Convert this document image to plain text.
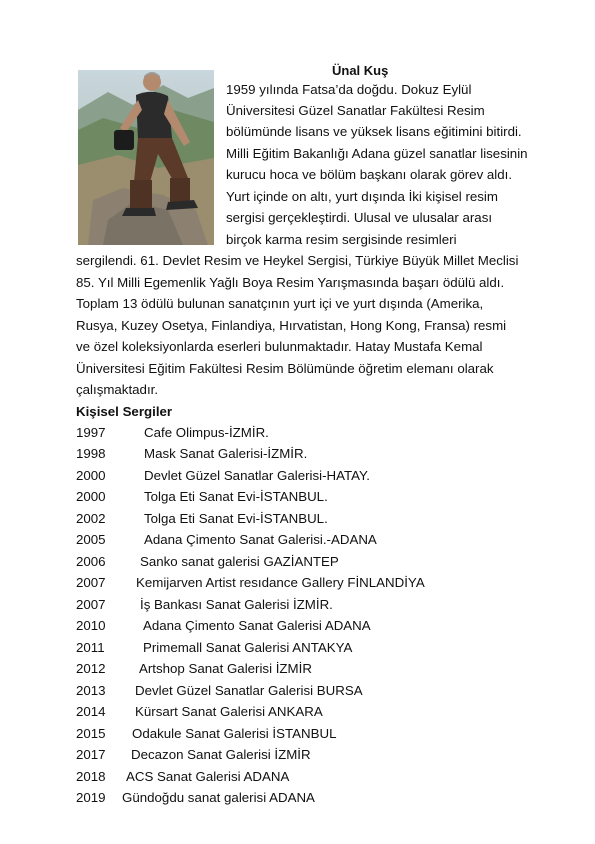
Ünal Kuş
1959 yılında Fatsa’da doğdu. Dokuz Eylül
Üniversitesi Güzel Sanatlar Fakültesi Resim
bölümünde lisans ve yüksek lisans eğitimini bitirdi.
Milli Eğitim Bakanlığı Adana güzel sanatlar lisesinin
kurucu hoca ve bölüm başkanı olarak görev aldı.
Yurt içinde on altı, yurt dışında İki kişisel resim
sergisi gerçekleştirdi. Ulusal ve ulusalar arası
birçok karma resim sergisinde resimleri
sergilendi. 61. Devlet Resim ve Heykel Sergisi, Türkiye Büyük Millet Meclisi
85. Yıl Milli Egemenlik Yağlı Boya Resim Yarışmasında başarı ödülü aldı.
Toplam 13 ödülü bulunan sanatçının yurt içi ve yurt dışında (Amerika,
Rusya, Kuzey Osetya, Finlandiya, Hırvatistan, Hong Kong, Fransa) resmi
ve özel koleksiyonlarda eserleri bulunmaktadır. Hatay Mustafa Kemal
Üniversitesi Eğitim Fakültesi Resim Bölümünde öğretim elemanı olarak
çalışmaktadır.
Kişisel Sergiler
1997	Cafe Olimpus-İZMİR.
1998	Mask Sanat Galerisi-İZMİR.
2000	Devlet Güzel Sanatlar Galerisi-HATAY.
2000	Tolga Eti Sanat Evi-İSTANBUL.
2002	Tolga Eti Sanat Evi-İSTANBUL.
2005	Adana Çimento Sanat Galerisi.-ADANA
2006	Sanko sanat galerisi GAZİANTEP
2007 Kemijarven Artist resıdance Gallery FİNLANDİYA
2007	İş Bankası Sanat Galerisi İZMİR.
2010	Adana Çimento Sanat Galerisi ADANA
2011	Primemall Sanat Galerisi ANTAKYA
2012	Artshop Sanat Galerisi İZMİR
2013 Devlet Güzel Sanatlar Galerisi BURSA
2014 Kürsart Sanat Galerisi ANKARA
2015 Odakule Sanat Galerisi İSTANBUL
2017 Decazon Sanat Galerisi İZMİR
2018 ACS Sanat Galerisi ADANA
2019 Gündoğdu sanat galerisi ADANA
